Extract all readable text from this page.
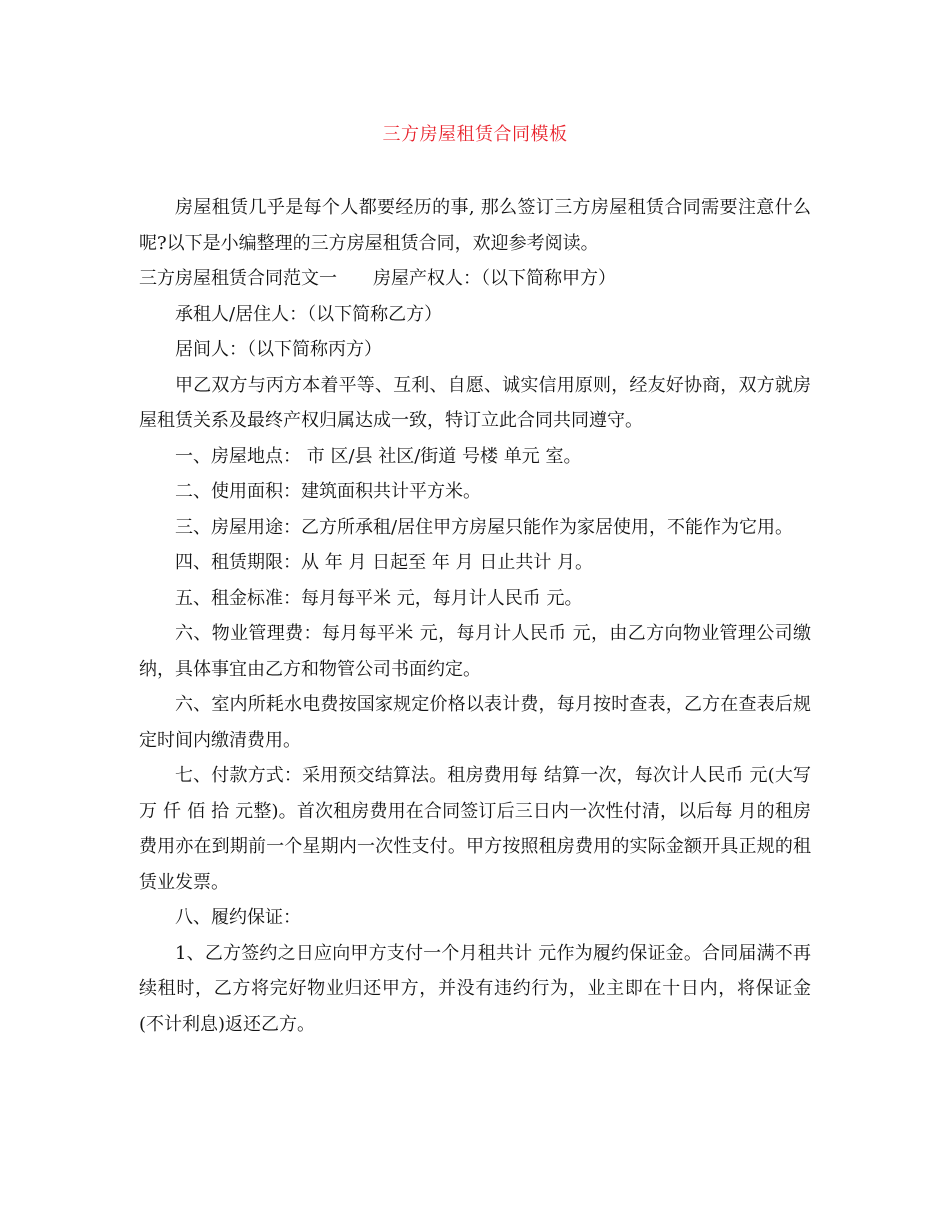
三方房屋租赁合同模板

房屋租赁几乎是每个人都要经历的事, 那么签订三方房屋租赁合同需要注意什么呢?以下是小编整理的三方房屋租赁合同，欢迎参考阅读。

三方房屋租赁合同范文一 房屋产权人：（以下简称甲方）

承租人/居住人：（以下简称乙方）

居间人：（以下简称丙方）

甲乙双方与丙方本着平等、互利、自愿、诚实信用原则，经友好协商，双方就房屋租赁关系及最终产权归属达成一致，特订立此合同共同遵守。

一、房屋地点： 市 区/县 社区/街道 号楼 单元 室。

二、使用面积：建筑面积共计平方米。

三、房屋用途：乙方所承租/居住甲方房屋只能作为家居使用，不能作为它用。

四、租赁期限：从 年 月 日起至 年 月 日止共计 月。

五、租金标准：每月每平米 元，每月计人民币 元。

六、物业管理费：每月每平米 元，每月计人民币 元，由乙方向物业管理公司缴纳，具体事宜由乙方和物管公司书面约定。

六、室内所耗水电费按国家规定价格以表计费，每月按时查表，乙方在查表后规定时间内缴清费用。

七、付款方式：采用预交结算法。租房费用每 结算一次，每次计人民币 元(大写 万 仟 佰 拾 元整)。首次租房费用在合同签订后三日内一次性付清，以后每 月的租房费用亦在到期前一个星期内一次性支付。甲方按照租房费用的实际金额开具正规的租赁业发票。

八、履约保证：

1、乙方签约之日应向甲方支付一个月租共计 元作为履约保证金。合同届满不再续租时，乙方将完好物业归还甲方，并没有违约行为，业主即在十日内，将保证金(不计利息)返还乙方。
